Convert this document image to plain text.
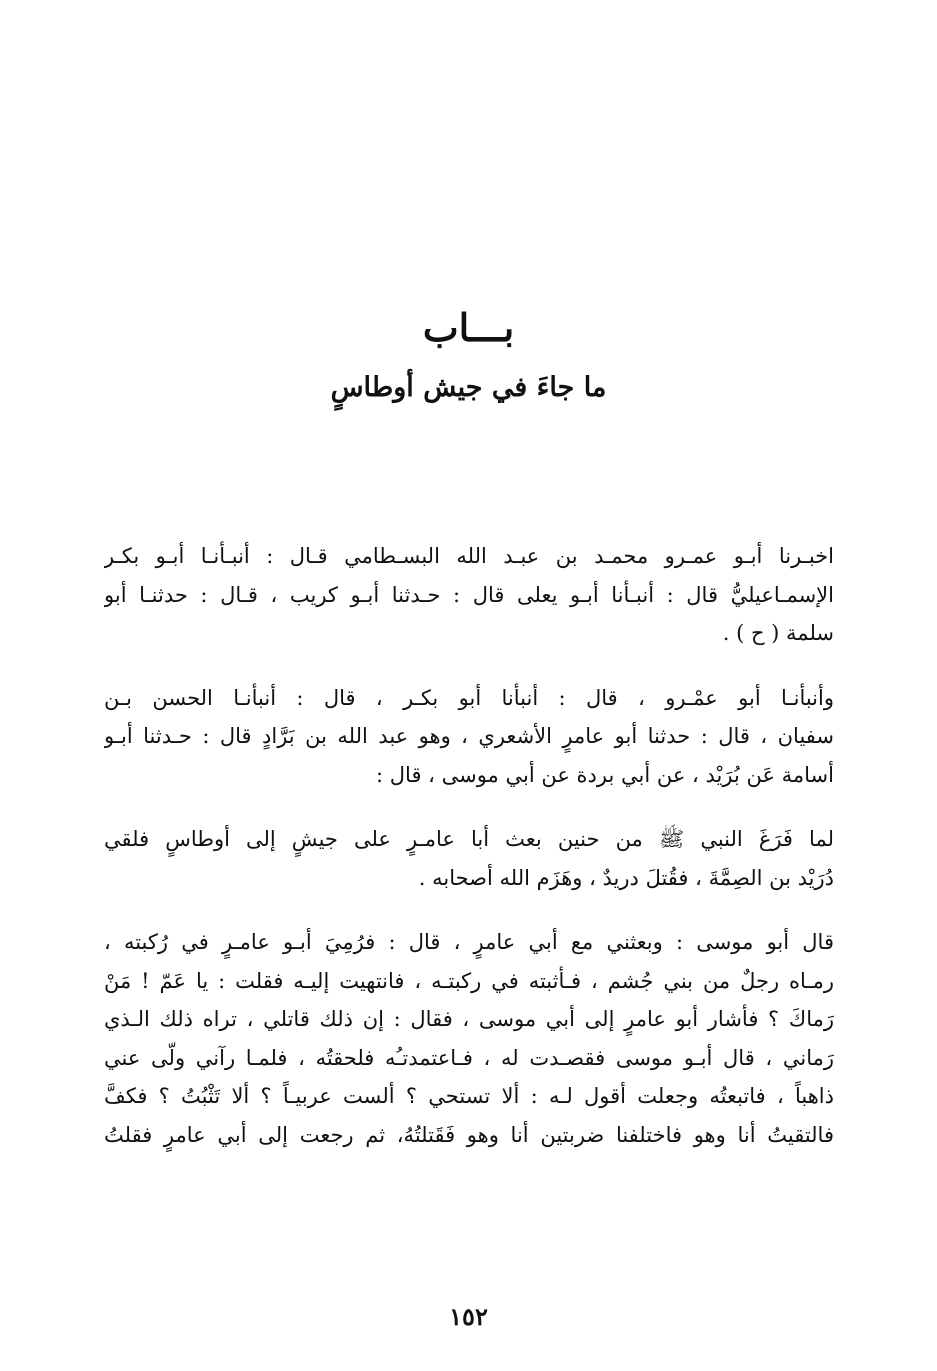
بـــاب
ما جاءَ في جيش أوطاسٍ
اخبـرنا أبـو عمـرو محمـد بن عبـد الله البسـطامي قـال : أنبـأنـا أبـو بكـر
الإسمـاعيليُّ قال : أنبـأنا أبـو يعلى قال : حـدثنا أبـو كريب ، قـال : حدثنـا أبو
سلمة ( ح ) .
وأنبأنـا أبو عمْـرو ، قال : أنبأنا أبو بكـر ، قال : أنبأنـا الحسن بـن
سفيان ، قال : حدثنا أبو عامرٍ الأشعري ، وهو عبد الله بن بَرَّادٍ قال : حـدثنا أبـو
أسامة عَن بُرَيْد ، عن أبي بردة عن أبي موسى ، قال :
لما فَرَغَ النبي ﷺ من حنين بعث أبا عامـرٍ على جيشٍ إلى أوطاسٍ فلقي
دُرَيْد بن الصِمَّةَ ، فقُتلَ دريدٌ ، وهَزَم الله أصحابه .
قال أبو موسى : وبعثني مع أبي عامرٍ ، قال : فرُمِيَ أبـو عامـرٍ في رُكبته ،
رمـاه رجلٌ من بني جُشم ، فـأثبته في ركبتـه ، فانتهيت إليـه فقلت : يا عَمّ ! مَنْ
رَماكَ ؟ فأشار أبو عامرٍ إلى أبي موسى ، فقال : إن ذلك قاتلي ، تراه ذلك الـذي
رَماني ، قال أبـو موسى فقصـدت له ، فـاعتمدتـُه فلحقتُه ، فلمـا رآني ولّى عني
ذاهباً ، فاتبعتُه وجعلت أقول لـه : ألا تستحي ؟ ألست عربيـاً ؟ ألا تَثْبُتُ ؟ فكفَّ
فالتقيتُ أنا وهو فاختلفنا ضربتين أنا وهو فَقَتلتُهُ، ثم رجعت إلى أبي عامرٍ فقلتُ
١٥٢
